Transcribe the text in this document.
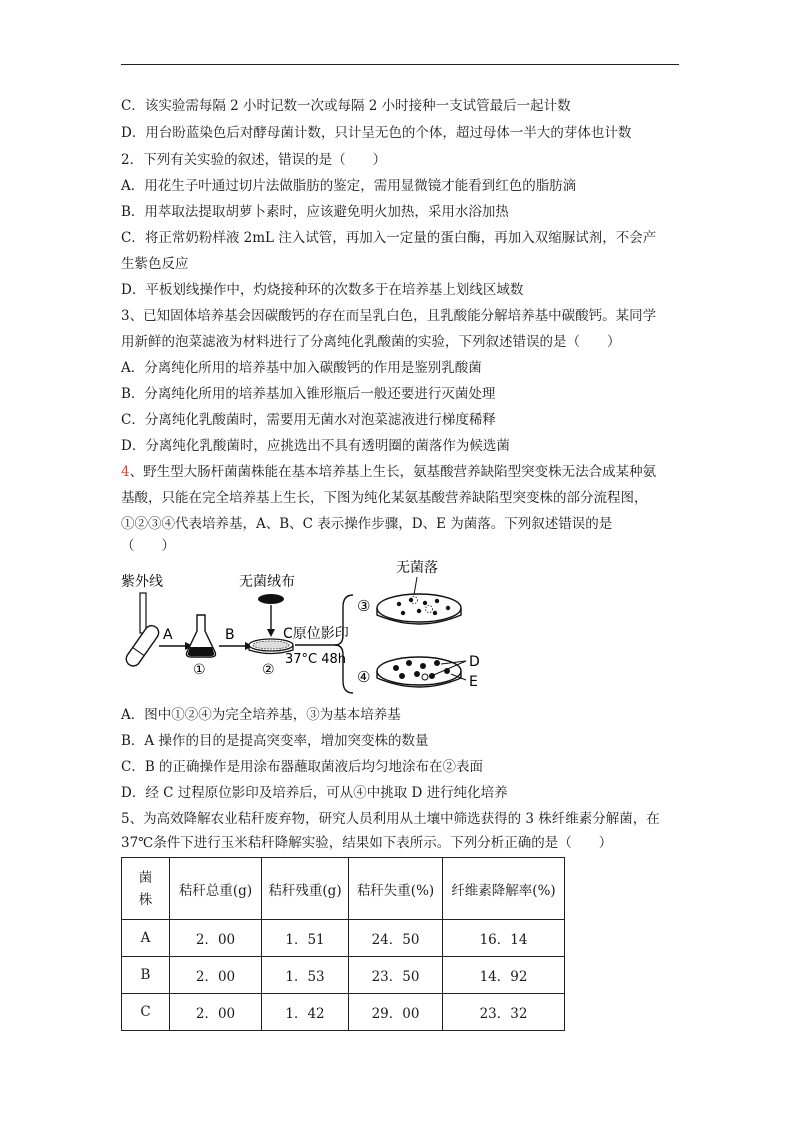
C．该实验需每隔 2 小时记数一次或每隔 2 小时接种一支试管最后一起计数
D．用台盼蓝染色后对酵母菌计数，只计呈无色的个体，超过母体一半大的芽体也计数
2．下列有关实验的叙述，错误的是（　　）
A．用花生子叶通过切片法做脂肪的鉴定，需用显微镜才能看到红色的脂肪滴
B．用萃取法提取胡萝卜素时，应该避免明火加热，采用水浴加热
C．将正常奶粉样液 2mL 注入试管，再加入一定量的蛋白酶，再加入双缩脲试剂，不会产
生紫色反应
D．平板划线操作中，灼烧接种环的次数多于在培养基上划线区域数
3、已知固体培养基会因碳酸钙的存在而呈乳白色，且乳酸能分解培养基中碳酸钙。某同学
用新鲜的泡菜滤液为材料进行了分离纯化乳酸菌的实验，下列叙述错误的是（　　）
A．分离纯化所用的培养基中加入碳酸钙的作用是鉴别乳酸菌
B．分离纯化所用的培养基加入锥形瓶后一般还要进行灭菌处理
C．分离纯化乳酸菌时，需要用无菌水对泡菜滤液进行梯度稀释
D．分离纯化乳酸菌时，应挑选出不具有透明圈的菌落作为候选菌
4、野生型大肠杆菌菌株能在基本培养基上生长，氨基酸营养缺陷型突变株无法合成某种氨
基酸，只能在完全培养基上生长，下图为纯化某氨基酸营养缺陷型突变株的部分流程图，
①②③④代表培养基，A、B、C 表示操作步骤，D、E 为菌落。下列叙述错误的是
（　　）
紫外线
A
①
B
②
无菌绒布
C原位影印
37°C 48h
③
无菌落
④
D
E
A．图中①②④为完全培养基，③为基本培养基
B．A 操作的目的是提高突变率，增加突变株的数量
C．B 的正确操作是用涂布器蘸取菌液后均匀地涂布在②表面
D．经 C 过程原位影印及培养后，可从④中挑取 D 进行纯化培养
5、为高效降解农业秸秆废弃物，研究人员利用从土壤中筛选获得的 3 株纤维素分解菌，在
37℃条件下进行玉米秸秆降解实验，结果如下表所示。下列分析正确的是（　　）
菌
株	秸秆总重(g)	秸秆残重(g)	秸秆失重(%)	纤维素降解率(%)
A	2．00	1．51	24．50	16．14
B	2．00	1．53	23．50	14．92
C	2．00	1．42	29．00	23．32
